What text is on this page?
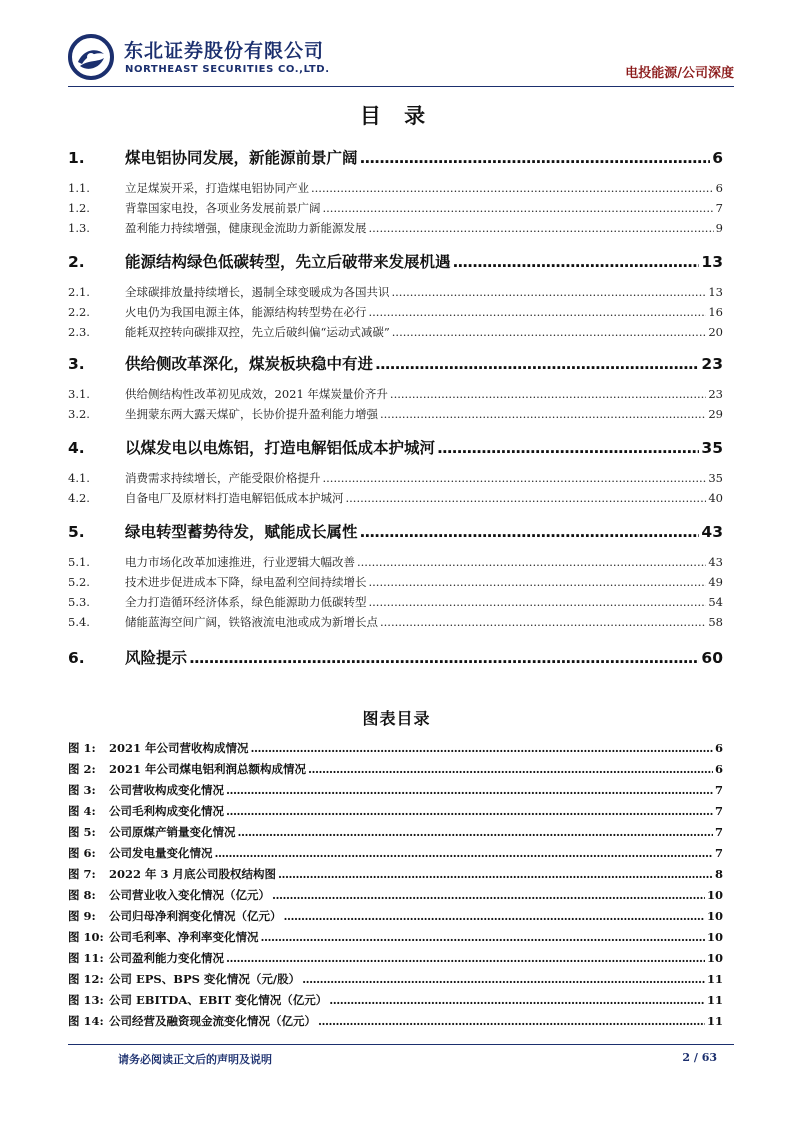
东北证券股份有限公司
NORTHEAST SECURITIES CO.,LTD.	电投能源/公司深度
目 录
1.	煤电铝协同发展，新能源前景广阔 .....	6
1.1.	立足煤炭开采，打造煤电铝协同产业 .....	6
1.2.	背靠国家电投，各项业务发展前景广阔 .....	7
1.3.	盈利能力持续增强，健康现金流助力新能源发展 .....	9
2.	能源结构绿色低碳转型，先立后破带来发展机遇 .....	13
2.1.	全球碳排放量持续增长，遏制全球变暖成为各国共识 .....	13
2.2.	火电仍为我国电源主体，能源结构转型势在必行 .....	16
2.3.	能耗双控转向碳排双控，先立后破纠偏“运动式减碳” .....	20
3.	供给侧改革深化，煤炭板块稳中有进 .....	23
3.1.	供给侧结构性改革初见成效，2021 年煤炭量价齐升 .....	23
3.2.	坐拥蒙东两大露天煤矿，长协价提升盈利能力增强 .....	29
4.	以煤发电以电炼铝，打造电解铝低成本护城河 .....	35
4.1.	消费需求持续增长，产能受限价格提升 .....	35
4.2.	自备电厂及原材料打造电解铝低成本护城河 .....	40
5.	绿电转型蓄势待发，赋能成长属性 .....	43
5.1.	电力市场化改革加速推进，行业逻辑大幅改善 .....	43
5.2.	技术进步促进成本下降，绿电盈利空间持续增长 .....	49
5.3.	全力打造循环经济体系，绿色能源助力低碳转型 .....	54
5.4.	储能蓝海空间广阔，铁铬液流电池或成为新增长点 .....	58
6.	风险提示 .....	60
图表目录
图 1:	2021 年公司营收构成情况 .....	6
图 2:	2021 年公司煤电铝利润总额构成情况 .....	6
图 3:	公司营收构成变化情况 .....	7
图 4:	公司毛利构成变化情况 .....	7
图 5:	公司原煤产销量变化情况 .....	7
图 6:	公司发电量变化情况 .....	7
图 7:	2022 年 3 月底公司股权结构图 .....	8
图 8:	公司营业收入变化情况（亿元） .....	10
图 9:	公司归母净利润变化情况（亿元） .....	10
图 10: 公司毛利率、净利率变化情况 .....	10
图 11: 公司盈利能力变化情况 .....	10
图 12: 公司 EPS、BPS 变化情况（元/股） .....	11
图 13: 公司 EBITDA、EBIT 变化情况（亿元） .....	11
图 14: 公司经营及融资现金流变化情况（亿元） .....	11
请务必阅读正文后的声明及说明	2 / 63
